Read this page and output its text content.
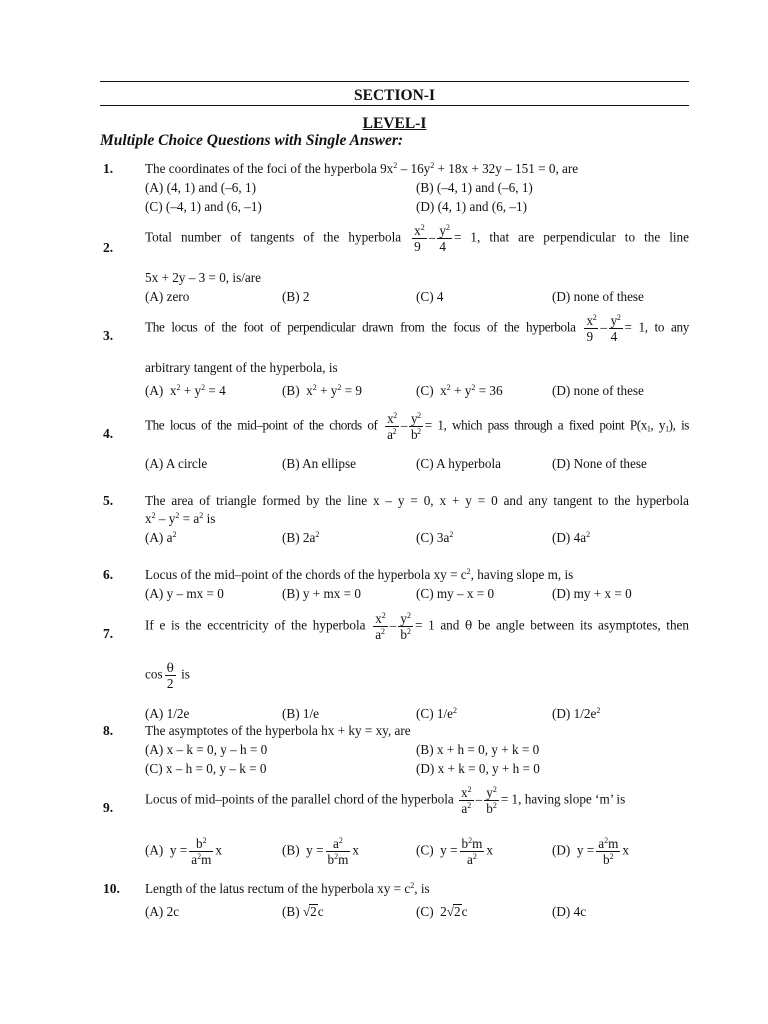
SECTION-I
LEVEL-I
Multiple Choice Questions with Single Answer:
1. The coordinates of the foci of the hyperbola $9x^2 - 16y^2 + 18x + 32y - 151 = 0$, are
(A) (4, 1) and (–6, 1)	(B) (–4, 1) and (–6, 1)
(C) (–4, 1) and (6, –1)	(D) (4, 1) and (6, –1)
2.
Total number of tangents of the hyperbola $\frac{x^2}{9} - \frac{y^2}{4} = 1$, that are perpendicular to the line
5x + 2y – 3 = 0, is/are
(A) zero	(B) 2	(C) 4	(D) none of these
3.
The locus of the foot of perpendicular drawn from the focus of the hyperbola $\frac{x^2}{9} - \frac{y^2}{4} = 1$, to any
arbitrary tangent of the hyperbola, is
(A)  $x^2 + y^2 = 4$	(B)  $x^2 + y^2 = 9$	(C)  $x^2 + y^2 = 36$	(D) none of these
4.
The locus of the mid–point of the chords of $\frac{x^2}{a^2} - \frac{y^2}{b^2} = 1$, which pass through a fixed point $P(x_1$, $y_1$), is
(A) A circle	(B) An ellipse	(C) A hyperbola	(D) None of these
5. The area of triangle formed by the line x – y = 0, x + y = 0 and any tangent to the hyperbola
$x^2 - y^2 = a^2$ is
(A) $a^2$	(B) $2a^2$	(C) $3a^2$	(D) $4a^2$
6. Locus of the mid–point of the chords of the hyperbola xy = $c^2$, having slope m, is
(A) y – mx = 0	(B) y + mx = 0	(C) my – x = 0	(D) my + x = 0
7.
If e is the eccentricity of the hyperbola $\frac{x^2}{a^2} - \frac{y^2}{b^2} = 1$ and θ be angle between its asymptotes, then
$\cos \frac{\theta}{2}$ is
(A) 1/2e	(B) 1/e	(C) $1/e^2$	(D) $1/2e^2$
8. The asymptotes of the hyperbola hx + ky = xy, are
(A) x – k = 0, y – h = 0	(B) x + h = 0, y + k = 0
(C) x – h = 0, y – k = 0	(D) x + k = 0, y + h = 0
9.
Locus of mid–points of the parallel chord of the hyperbola $\frac{x^2}{a^2} - \frac{y^2}{b^2} = 1$, having slope ‘m’ is
(A)  $y = \frac{b^2}{a^2m}$ x	(B)  $y = \frac{a^2}{b^2m}$ x	(C)  $y = \frac{b^2m}{a^2}$ x	(D)  $y = \frac{a^2m}{b^2}$ x
10. Length of the latus rectum of the hyperbola xy = $c^2$, is
(A) 2c	(B) √2c	(C)  2√2c	(D) 4c
